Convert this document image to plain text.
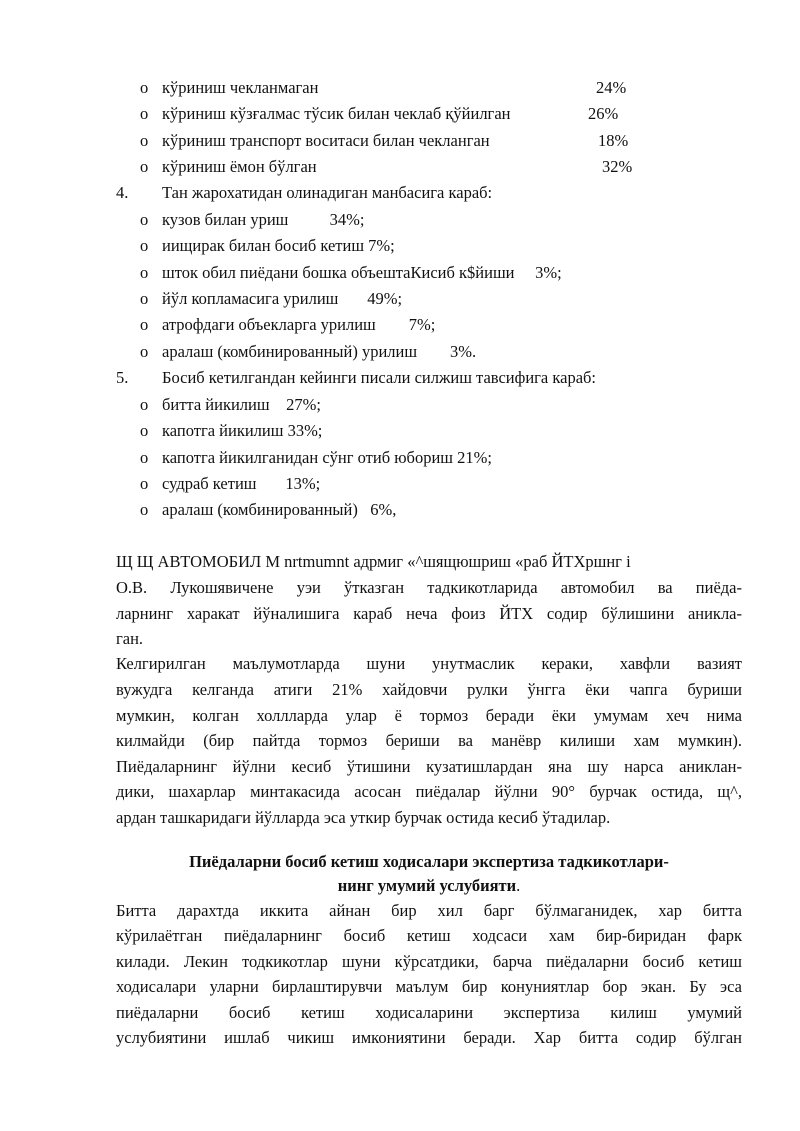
o кўриниш чекланмаган	24%
o кўриниш кўзғалмас тўсик билан чеклаб қўйилган	26%
o кўриниш транспорт воситаси билан чекланган	18%
o кўриниш ёмон бўлган	32%
4. Тан жарохатидан олинадиган манбасига караб:
o кузов билан уриш          34%;
o иищирак билан босиб кетиш 7%;
o шток обил пиёдани бошка объештаКисиб к$йиши     3%;
o йўл копламасига урилиш       49%;
o атрофдаги объекларга урилиш        7%;
o аралаш (комбинированный) урилиш        3%.
5. Босиб кетилгандан кейинги писали силжиш тавсифига караб:
o битта йикилиш    27%;
o капотга йикилиш 33%;
o капотга йикилганидан сўнг отиб юбориш 21%;
o судраб кетиш       13%;
o аралаш (комбинированный)   6%,
Щ Щ АВТОМОБИЛ М nrtmumnt адрмиг «^шящюшриш «раб ЙТХршнг i
О.В. Лукошявичене уэи ўтказган тадкикотларида автомобил ва пиёда-
ларнинг харакат йўналишига караб неча фоиз ЙТХ содир бўлишини аникла-
ган.
Келгирилган маълумотларда шуни унутмаслик кераки, хавфли вазият
вужудга келганда атиги 21% хайдовчи рулки ўнгга ёки чапга буриши
мумкин, колган холлларда улар ё тормоз беради ёки умумам хеч нима
килмайди (бир пайтда тормоз бериши ва манёвр килиши хам мумкин).
Пиёдаларнинг йўлни кесиб ўтишини кузатишлардан яна шу нарса аниклан-
дики, шахарлар минтакасида асосан пиёдалар йўлни 90° бурчак остида, щ^,
ардан ташкаридаги йўлларда эса уткир бурчак остида кесиб ўтадилар.
Пиёдаларни босиб кетиш ходисалари экспертиза тадкикотлари-
нинг умумий услубияти.
Битта дарахтда иккита айнан бир хил барг бўлмаганидек, хар битта
кўрилаётган пиёдаларнинг босиб кетиш ходсаси хам бир-биридан фарк
килади. Лекин тодкикотлар шуни кўрсатдики, барча пиёдаларни босиб кетиш
ходисалари уларни бирлаштирувчи маълум бир конуниятлар бор экан. Бу эса
пиёдаларни босиб кетиш ходисаларини экспертиза килиш умумий
услубиятини ишлаб чикиш имкониятини беради. Хар битта содир бўлган
